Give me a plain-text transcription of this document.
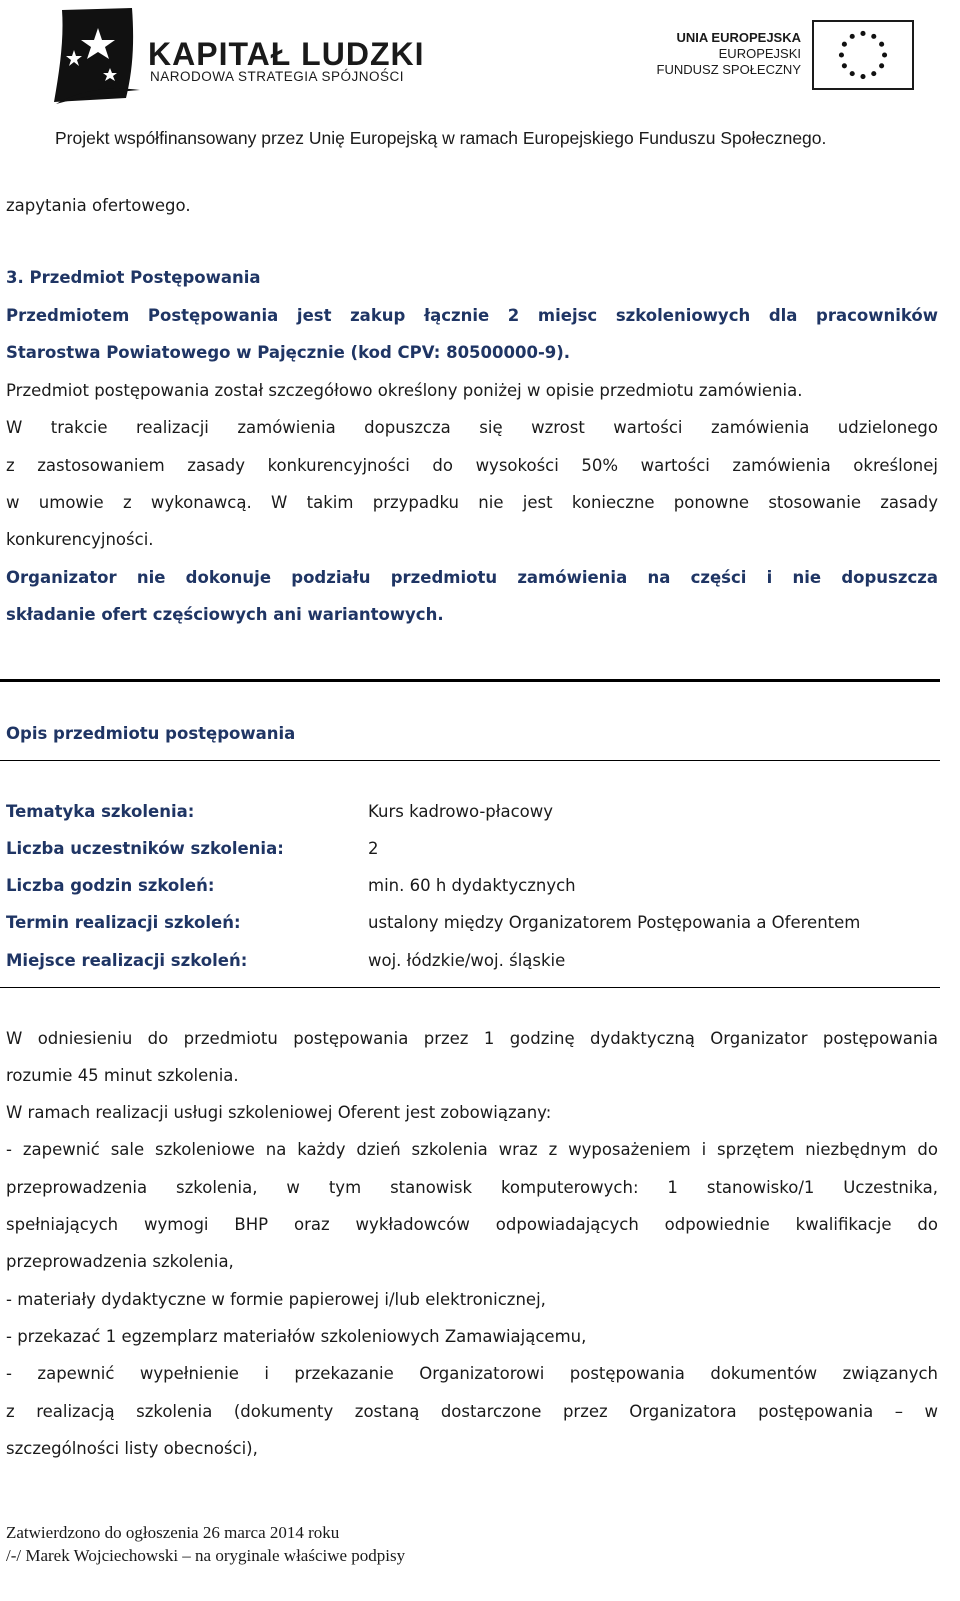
KAPITAŁ LUDZKI
NARODOWA STRATEGIA SPÓJNOŚCI
UNIA EUROPEJSKA
EUROPEJSKI
FUNDUSZ SPOŁECZNY
Projekt współfinansowany przez Unię Europejską w ramach Europejskiego Funduszu Społecznego.
zapytania ofertowego.
3. Przedmiot Postępowania
Przedmiotem Postępowania jest zakup łącznie 2 miejsc szkoleniowych dla pracowników
Starostwa Powiatowego w Pajęcznie (kod CPV: 80500000-9).
Przedmiot postępowania został szczegółowo określony poniżej w opisie przedmiotu zamówienia.
W trakcie realizacji zamówienia dopuszcza się wzrost wartości zamówienia udzielonego
z zastosowaniem zasady konkurencyjności do wysokości 50% wartości zamówienia określonej
w umowie z wykonawcą. W takim przypadku nie jest konieczne ponowne stosowanie zasady
konkurencyjności.
Organizator nie dokonuje podziału przedmiotu zamówienia na części i nie dopuszcza
składanie ofert częściowych ani wariantowych.
Opis przedmiotu postępowania
Tematyka szkolenia:	Kurs kadrowo-płacowy
Liczba uczestników szkolenia:	2
Liczba godzin szkoleń:	min. 60 h dydaktycznych
Termin realizacji szkoleń:	ustalony między Organizatorem Postępowania a Oferentem
Miejsce realizacji szkoleń:	woj. łódzkie/woj. śląskie
W odniesieniu do przedmiotu postępowania przez 1 godzinę dydaktyczną Organizator postępowania
rozumie 45 minut szkolenia.
W ramach realizacji usługi szkoleniowej Oferent jest zobowiązany:
- zapewnić sale szkoleniowe na każdy dzień szkolenia wraz z wyposażeniem i sprzętem niezbędnym do
przeprowadzenia szkolenia, w tym stanowisk komputerowych: 1 stanowisko/1 Uczestnika,
spełniających wymogi BHP oraz wykładowców odpowiadających odpowiednie kwalifikacje do
przeprowadzenia szkolenia,
- materiały dydaktyczne w formie papierowej i/lub elektronicznej,
- przekazać 1 egzemplarz materiałów szkoleniowych Zamawiającemu,
- zapewnić wypełnienie i przekazanie Organizatorowi postępowania dokumentów związanych
z realizacją szkolenia (dokumenty zostaną dostarczone przez Organizatora postępowania – w
szczególności listy obecności),
Zatwierdzono do ogłoszenia 26 marca 2014 roku
/-/ Marek Wojciechowski – na oryginale właściwe podpisy
